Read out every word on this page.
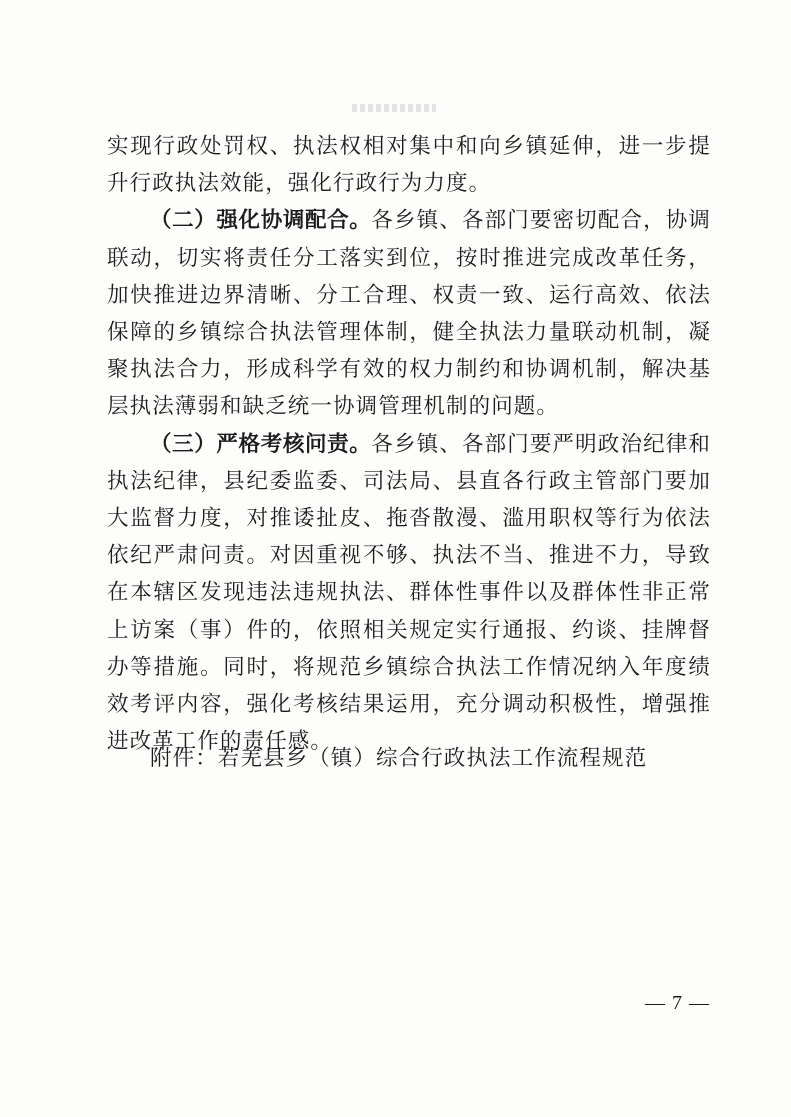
实现行政处罚权、执法权相对集中和向乡镇延伸，进一步提升行政执法效能，强化行政行为力度。

（二）强化协调配合。各乡镇、各部门要密切配合，协调联动，切实将责任分工落实到位，按时推进完成改革任务，加快推进边界清晰、分工合理、权责一致、运行高效、依法保障的乡镇综合执法管理体制，健全执法力量联动机制，凝聚执法合力，形成科学有效的权力制约和协调机制，解决基层执法薄弱和缺乏统一协调管理机制的问题。

（三）严格考核问责。各乡镇、各部门要严明政治纪律和执法纪律，县纪委监委、司法局、县直各行政主管部门要加大监督力度，对推诿扯皮、拖沓散漫、滥用职权等行为依法依纪严肃问责。对因重视不够、执法不当、推进不力，导致在本辖区发现违法违规执法、群体性事件以及群体性非正常上访案（事）件的，依照相关规定实行通报、约谈、挂牌督办等措施。同时，将规范乡镇综合执法工作情况纳入年度绩效考评内容，强化考核结果运用，充分调动积极性，增强推进改革工作的责任感。

附件：若羌县乡（镇）综合行政执法工作流程规范
— 7 —
